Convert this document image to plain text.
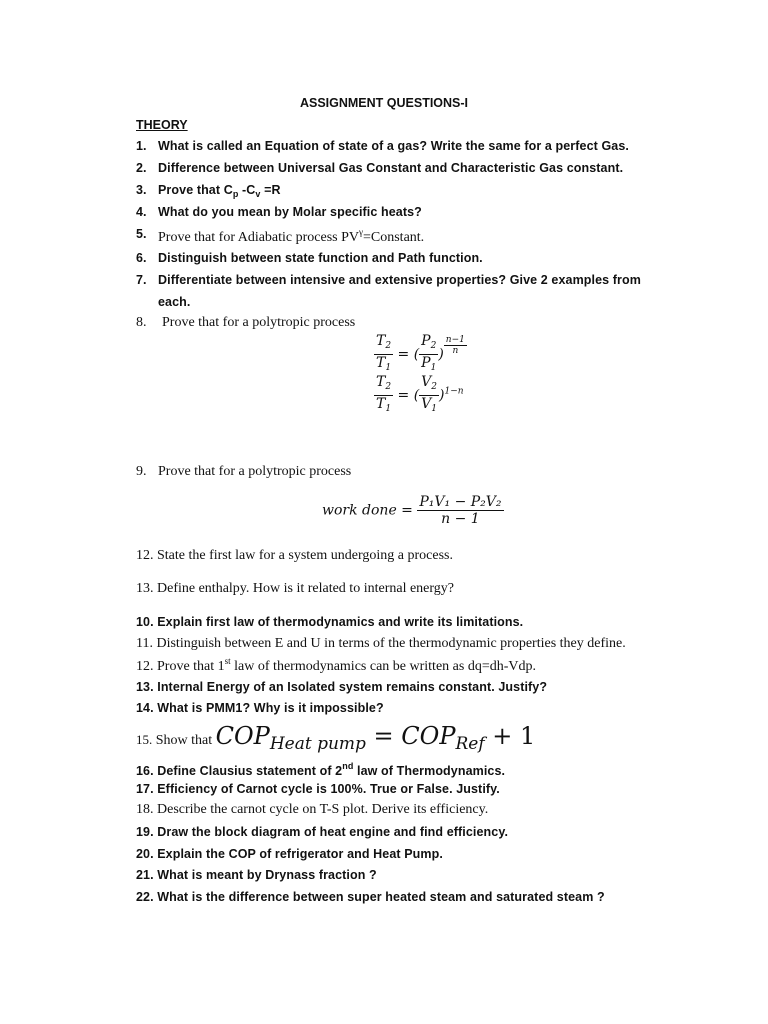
ASSIGNMENT QUESTIONS-I
THEORY
1. What is called an Equation of state of a gas? Write the same for a perfect Gas.
2. Difference between Universal Gas Constant and Characteristic Gas constant.
3. Prove that $C_p$ $-C_v =R$
4. What do you mean by Molar specific heats?
5. Prove that for Adiabatic process $PV^\gamma=Constant$.
6. Distinguish between state function and Path function.
7. Differentiate between intensive and extensive properties? Give 2 examples from
each.
8. Prove that for a polytropic process
$\frac{T_2}{T_1}$ = ( $\frac{P_2}{P_1}$ ) $\frac{n-1}{n}$
$\frac{T_2}{T_1}$ = ( $\frac{V_2}{V_1} )^{1-n}$
9. Prove that for a polytropic process
work done = $\frac{\text{P₁V₁ − P₂V₂}}{n - 1}$
12. State the first law for a system undergoing a process.
13. Define enthalpy. How is it related to internal energy?
10. Explain first law of thermodynamics and write its limitations.
11. Distinguish between E and U in terms of the thermodynamic properties they define.
12. Prove that 1st law of thermodynamics can be written as dq=dh-Vdp.
13. Internal Energy of an Isolated system remains constant. Justify?
14. What is PMM1? Why is it impossible?
15. Show that COPHeat pump = COPRef + 1
16. Define Clausius statement of 2nd law of Thermodynamics.
17. Efficiency of Carnot cycle is 100%. True or False. Justify.
18. Describe the carnot cycle on T-S plot. Derive its efficiency.
19. Draw the block diagram of heat engine and find efficiency.
20. Explain the COP of refrigerator and Heat Pump.
21. What is meant by Drynass fraction ?
22. What is the difference between super heated steam and saturated steam ?
